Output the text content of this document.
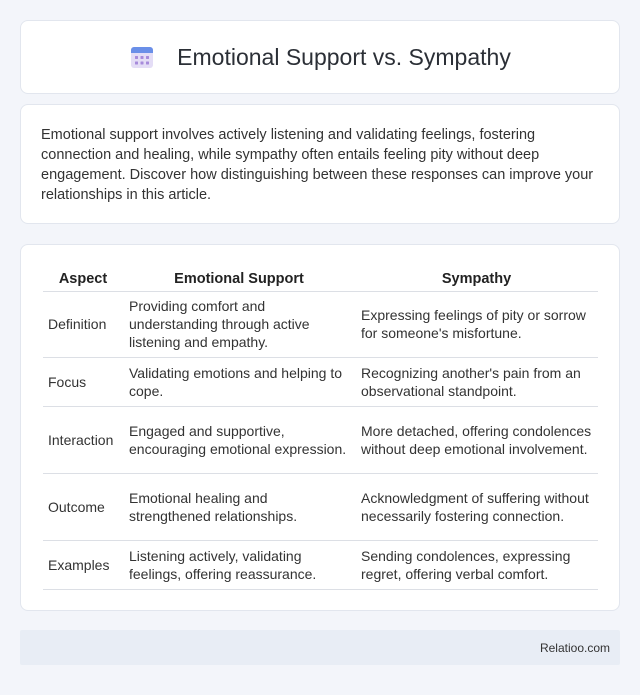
Emotional Support vs. Sympathy

Emotional support involves actively listening and validating feelings, fostering connection and healing, while sympathy often entails feeling pity without deep engagement. Discover how distinguishing between these responses can improve your relationships in this article.

Aspect	Emotional Support	Sympathy
Definition	Providing comfort and understanding through active listening and empathy.	Expressing feelings of pity or sorrow for someone's misfortune.
Focus	Validating emotions and helping to cope.	Recognizing another's pain from an observational standpoint.
Interaction	Engaged and supportive, encouraging emotional expression.	More detached, offering condolences without deep emotional involvement.
Outcome	Emotional healing and strengthened relationships.	Acknowledgment of suffering without necessarily fostering connection.
Examples	Listening actively, validating feelings, offering reassurance.	Sending condolences, expressing regret, offering verbal comfort.
Relatioo.com
